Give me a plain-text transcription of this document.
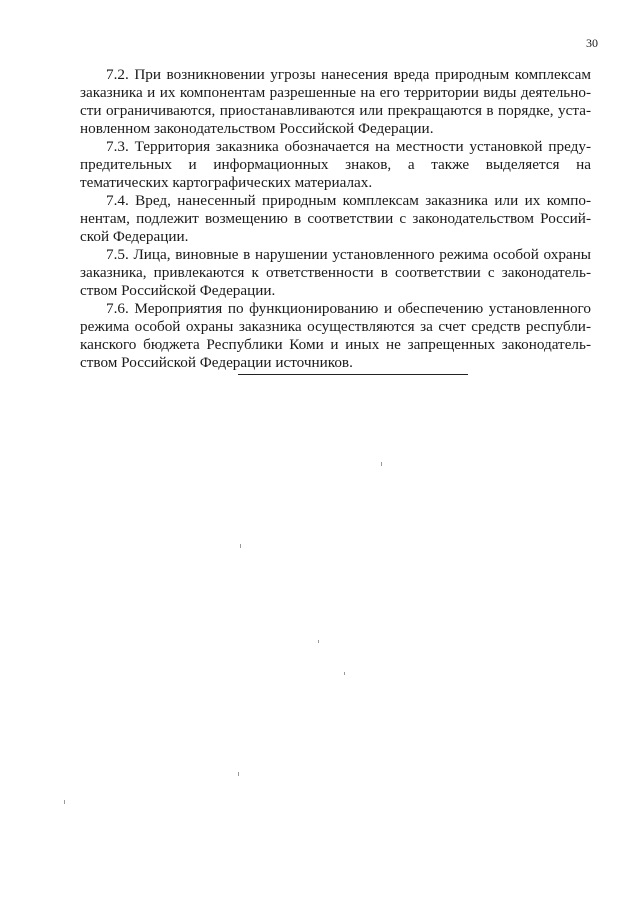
30

7.2. При возникновении угрозы нанесения вреда природным комплексам заказника и их компонентам разрешенные на его территории виды деятельности ограничиваются, приостанавливаются или прекращаются в порядке, установленном законодательством Российской Федерации.

7.3. Территория заказника обозначается на местности установкой предупредительных и информационных знаков, а также выделяется на тематических картографических материалах.

7.4. Вред, нанесенный природным комплексам заказника или их компонентам, подлежит возмещению в соответствии с законодательством Российской Федерации.

7.5. Лица, виновные в нарушении установленного режима особой охраны заказника, привлекаются к ответственности в соответствии с законодательством Российской Федерации.

7.6. Мероприятия по функционированию и обеспечению установленного режима особой охраны заказника осуществляются за счет средств республиканского бюджета Республики Коми и иных не запрещенных законодательством Российской Федерации источников.
